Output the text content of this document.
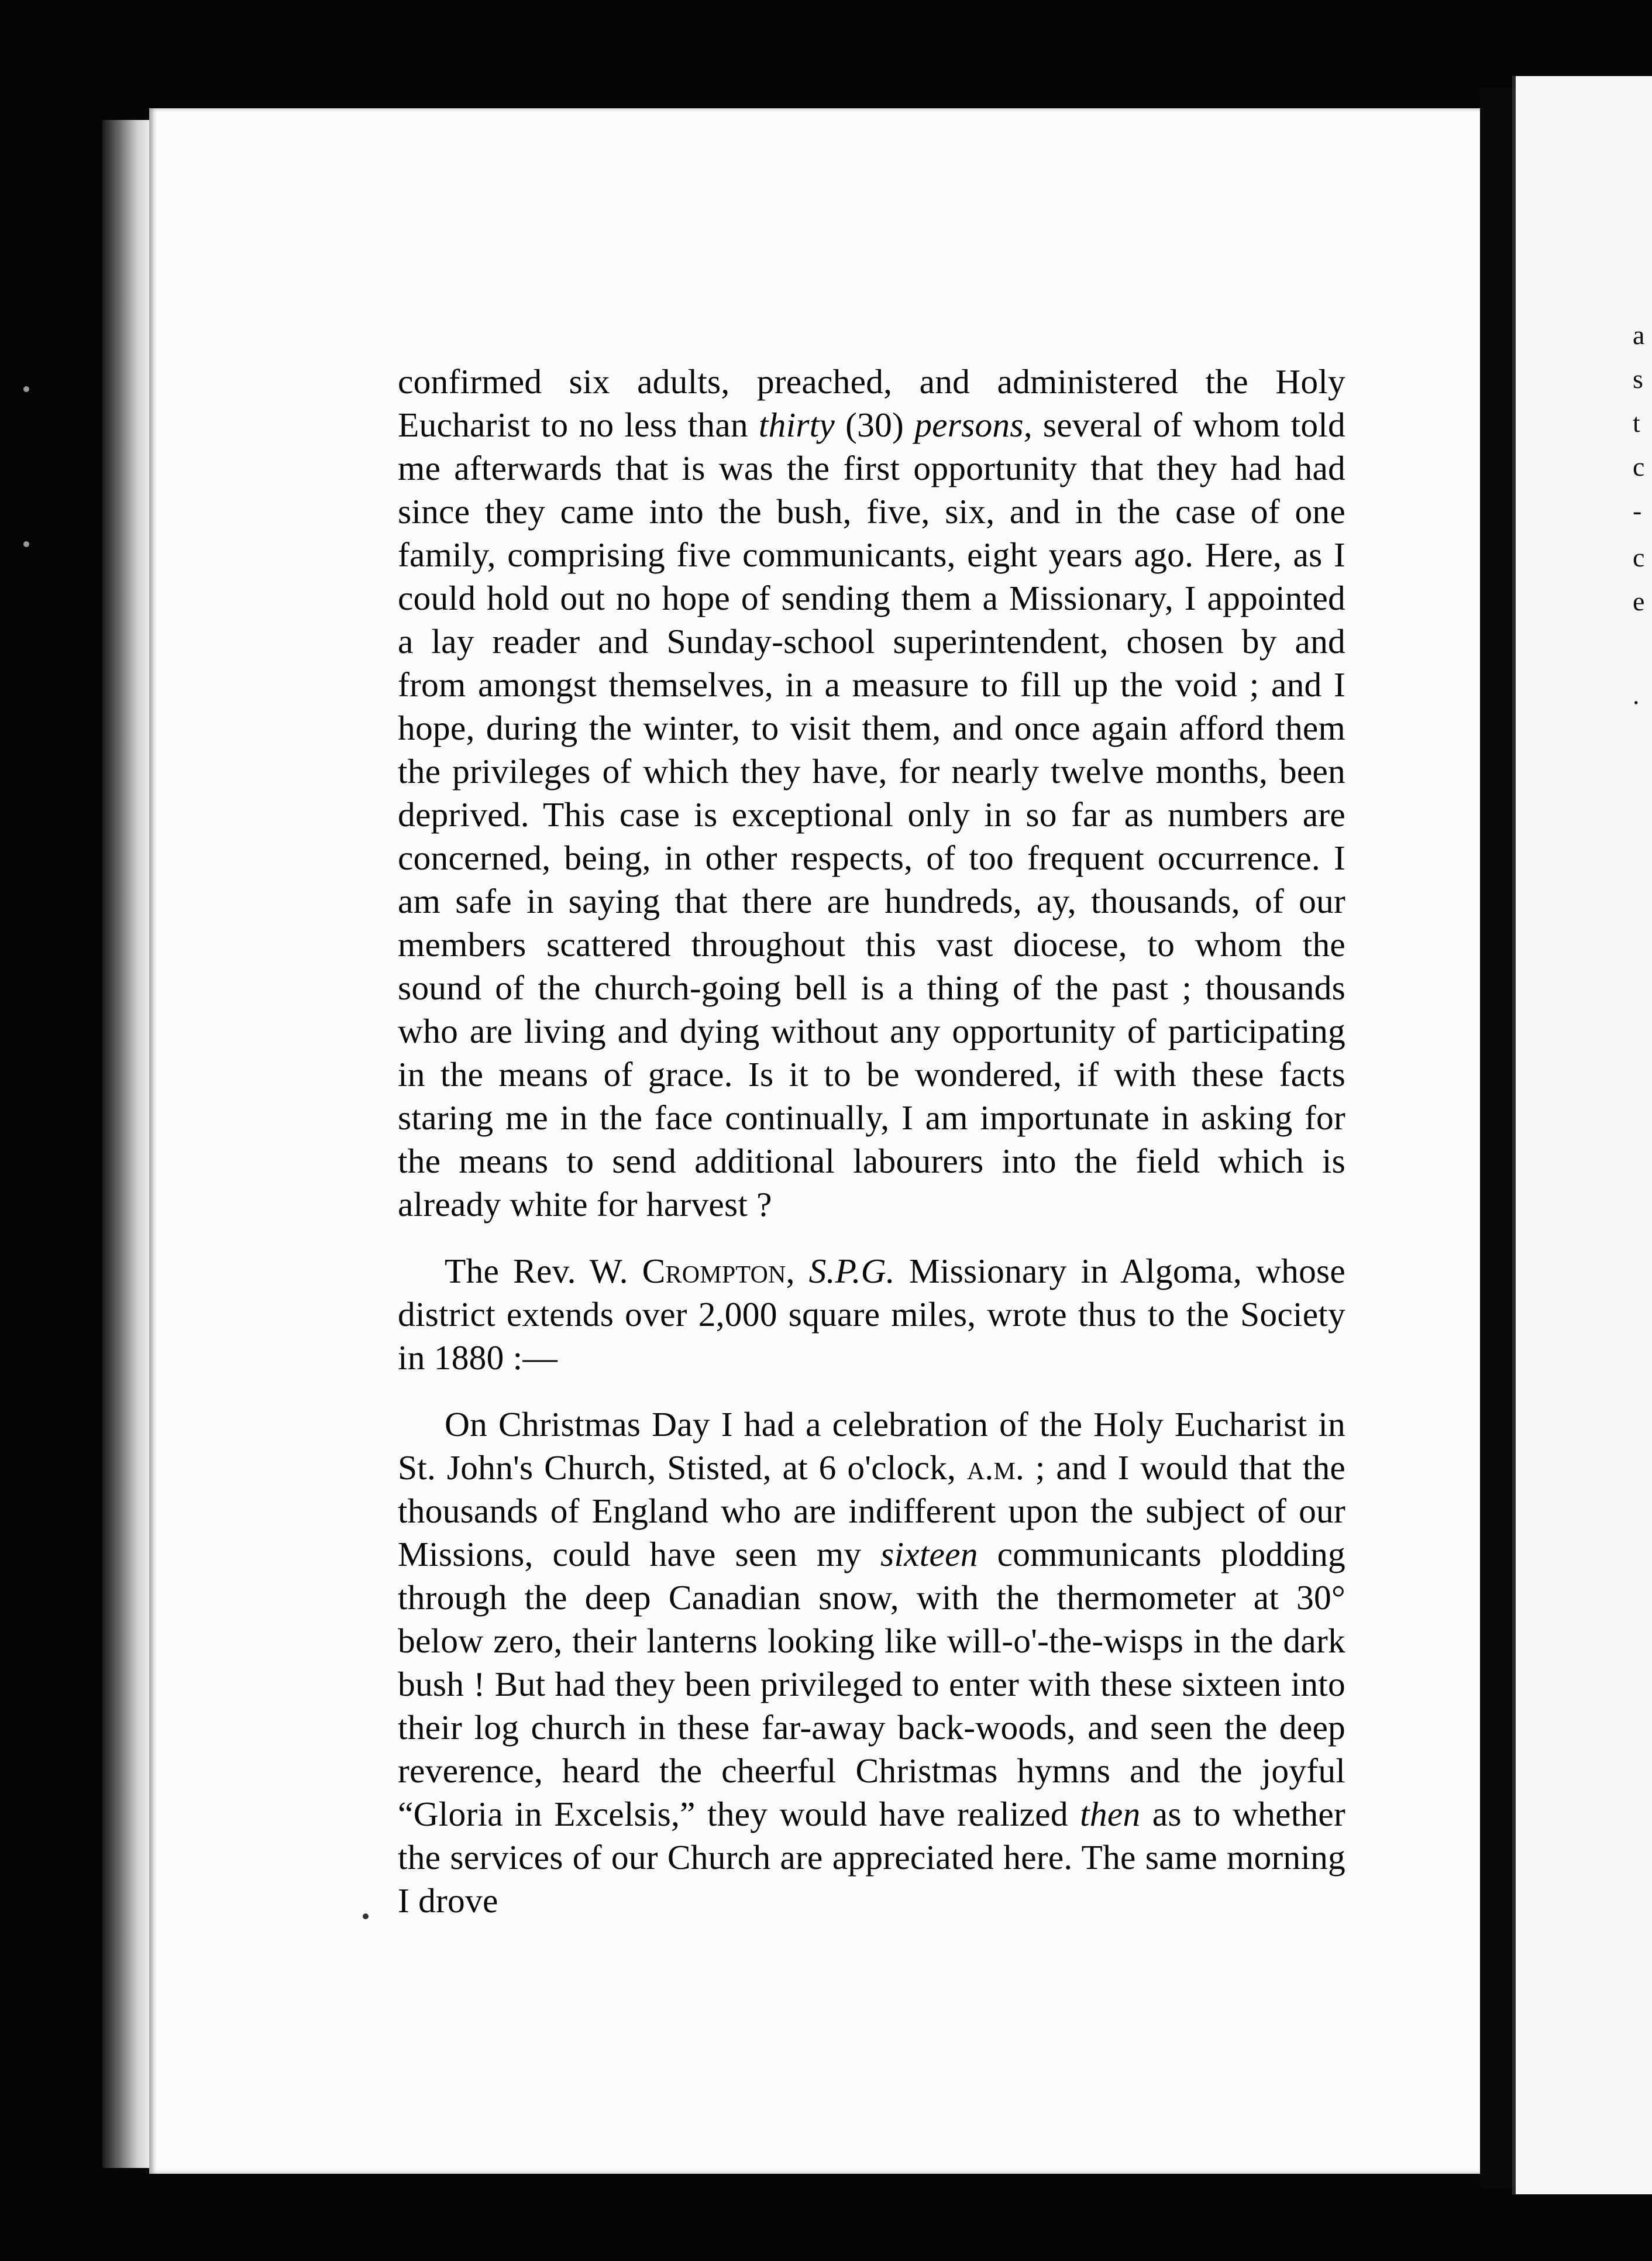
a
s
t
c
-
c
e
.

confirmed six adults, preached, and administered the Holy Eucharist to no less than thirty (30) persons, several of whom told me afterwards that is was the first opportunity that they had had since they came into the bush, five, six, and in the case of one family, comprising five communicants, eight years ago. Here, as I could hold out no hope of sending them a Missionary, I appointed a lay reader and Sunday-school superintendent, chosen by and from amongst themselves, in a measure to fill up the void ; and I hope, during the winter, to visit them, and once again afford them the privileges of which they have, for nearly twelve months, been deprived. This case is exceptional only in so far as numbers are concerned, being, in other respects, of too frequent occurrence. I am safe in saying that there are hundreds, ay, thousands, of our members scattered throughout this vast diocese, to whom the sound of the church-going bell is a thing of the past ; thousands who are living and dying without any opportunity of participating in the means of grace. Is it to be wondered, if with these facts staring me in the face continually, I am importunate in asking for the means to send additional labourers into the field which is already white for harvest ?

The Rev. W. Crompton, S.P.G. Missionary in Algoma, whose district extends over 2,000 square miles, wrote thus to the Society in 1880 :—

On Christmas Day I had a celebration of the Holy Eucharist in St. John's Church, Stisted, at 6 o'clock, a.m. ; and I would that the thousands of England who are indifferent upon the subject of our Missions, could have seen my sixteen communicants plodding through the deep Canadian snow, with the thermometer at 30° below zero, their lanterns looking like will-o'-the-wisps in the dark bush ! But had they been privileged to enter with these sixteen into their log church in these far-away back-woods, and seen the deep reverence, heard the cheerful Christmas hymns and the joyful “Gloria in Excelsis,” they would have realized then as to whether the services of our Church are appreciated here. The same morning I drove
